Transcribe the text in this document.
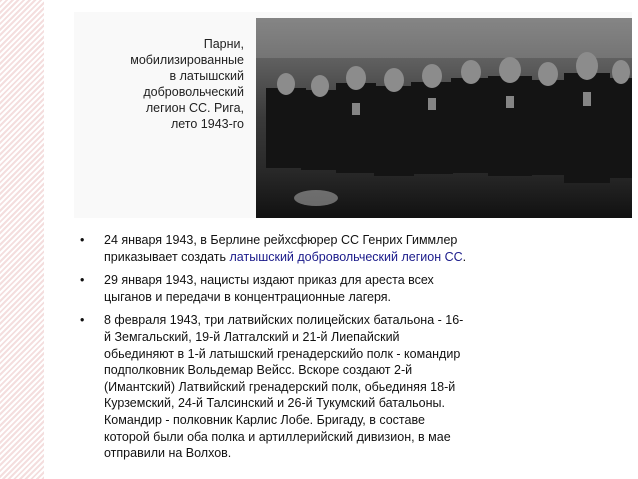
Парни,
мобилизированные
в латышский
добровольческий
легион СС. Рига,
лето 1943-го
• 24 января 1943, в Берлине рейхсфюрер СС Генрих Гиммлер
приказывает создать латышский добровольческий легион СС.
• 29 января 1943, нацисты издают приказ для ареста всех
цыганов и передачи в концентрационные лагеря.
• 8 февраля 1943, три латвийских полицейских батальона - 16-
й Земгальский, 19-й Латгалский и 21-й Лиепайский
обьединяют в 1-й латышский гренадерскийо полк - командир
подполковник Вольдемар Вейсс. Вскоре создают 2-й
(Имантский) Латвийский гренадерский полк, обьединяя 18-й
Курземский, 24-й Талсинский и 26-й Тукумский батальоны.
Командир - полковник Карлис Лобе. Бригаду, в составе
которой были оба полка и артиллерийский дивизион, в мае
отправили на Волхов.
